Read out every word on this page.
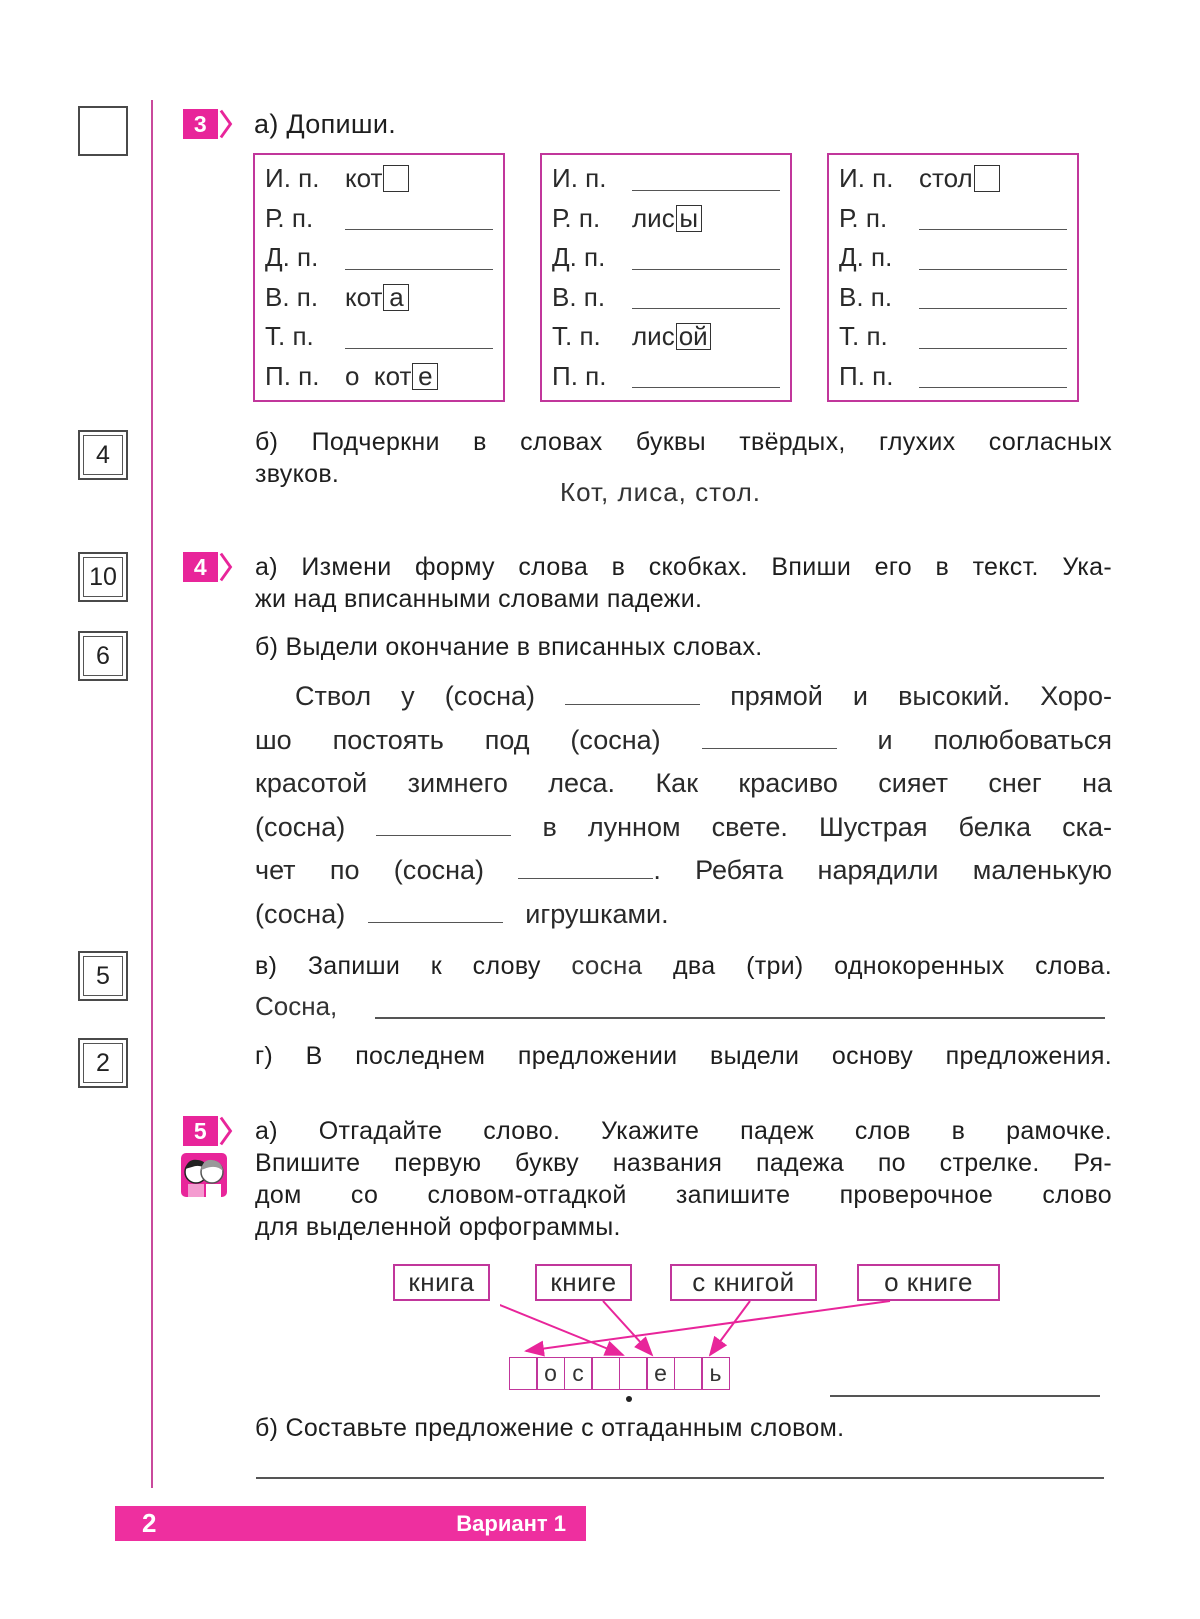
4
10
6
5
2
3	а) Допиши.
И. п. кот
Р. п.
Д. п.
В. п.	кот а
Т. п.
П. п. о  кот е
И. п.
Р. п.	лис ы
Д. п.
В. п.
Т. п.	лис ой
П. п.
И. п. стол
Р. п.
Д. п.
В. п.
Т. п.
П. п.
б) Подчеркни в словах буквы твёрдых, глухих согласных
звуков.
Кот, лиса, стол.
4	а) Измени форму слова в скобках. Впиши его в текст. Ука-
жи над вписанными словами падежи.
б) Выдели окончание в вписанных словах.
Ствол у (сосна)	прямой и высокий. Хоро-
шо постоять под (сосна)	и полюбоваться
красотой зимнего леса. Как красиво сияет снег на
(сосна)	в лунном свете. Шустрая белка ска-
чет по (сосна)	. Ребята нарядили маленькую
(сосна)	игрушками.
в) Запиши к слову сосна два (три) однокоренных слова.
Сосна,
г) В последнем предложении выдели основу предложения.
5	а) Отгадайте слово. Укажите падеж слов в рамочке.
Впишите первую букву названия падежа по стрелке. Ря-
дом со словом-отгадкой запишите проверочное слово
для выделенной орфограммы.
книга	книге	с книгой	о книге
о с	е	ь
б) Составьте предложение с отгаданным словом.
2	Вариант 1
